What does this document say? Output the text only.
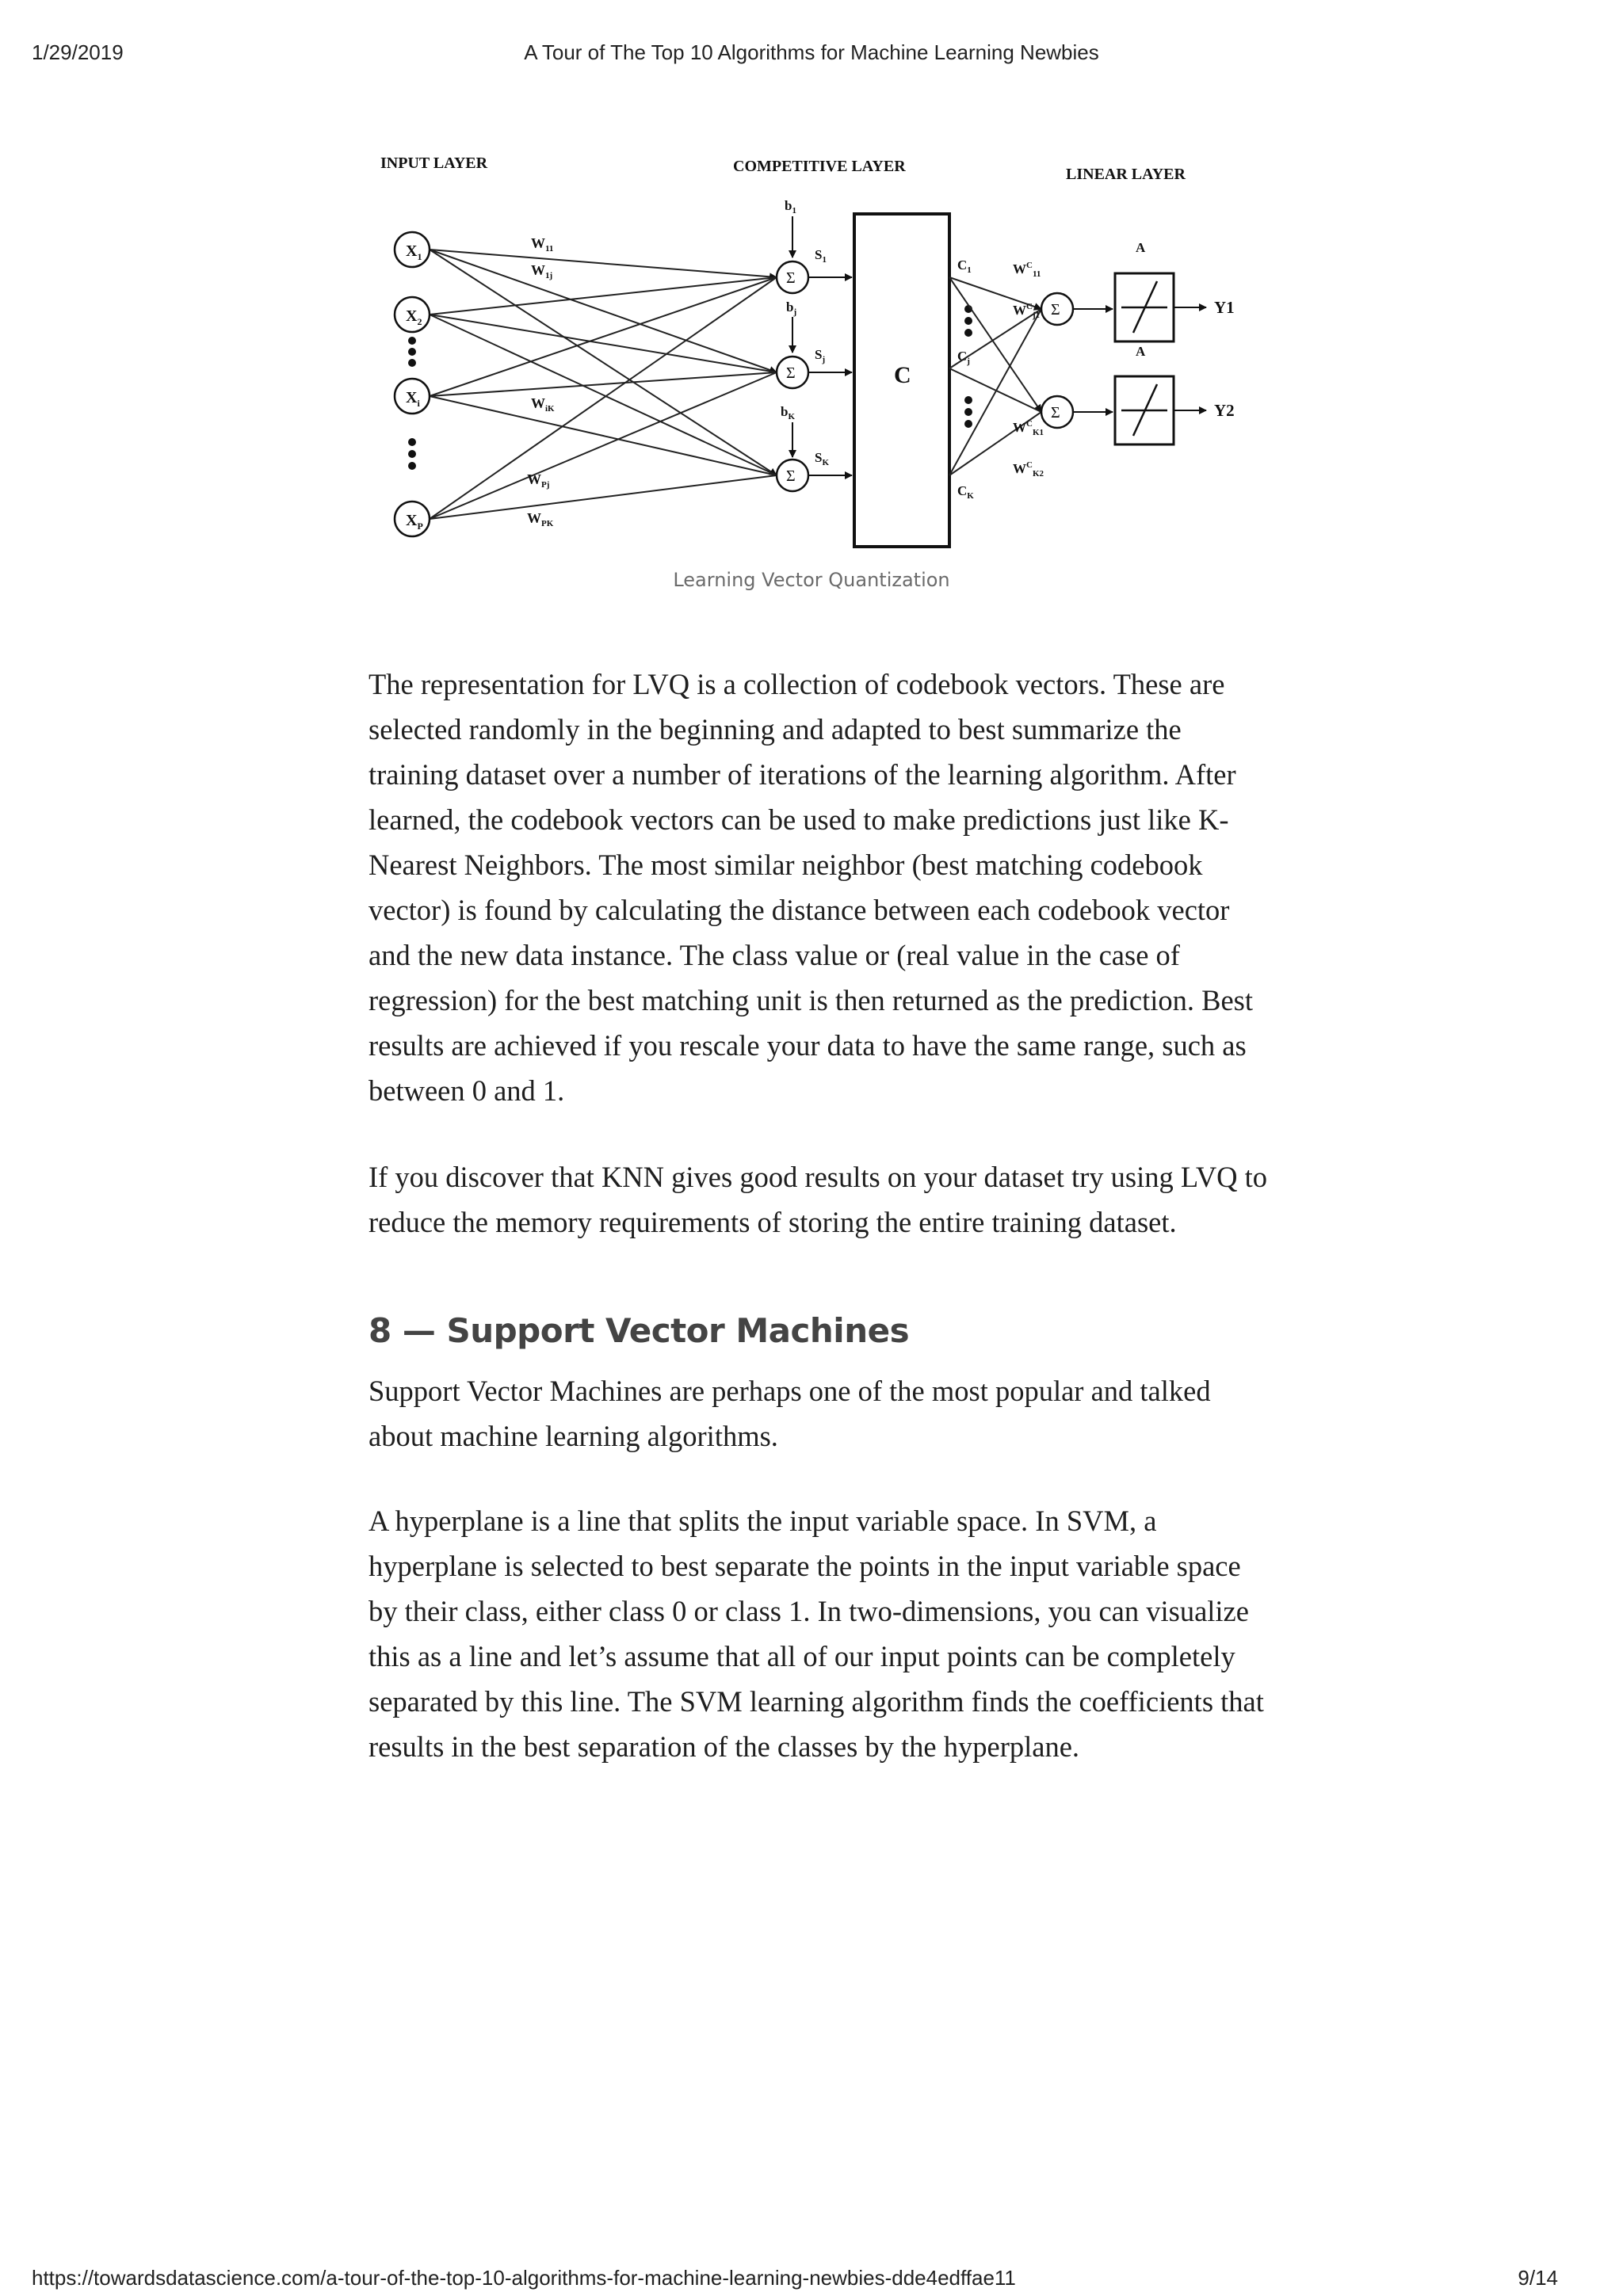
1/29/2019	A Tour of The Top 10 Algorithms for Machine Learning Newbies
INPUT LAYER	COMPETITIVE LAYER	LINEAR LAYER
$X_1$
$X_2$
$X_i$
$X_P$
$W_{11}$
$W_{1j}$
$W_{iK}$
$W_{Pj}$
$W_{PK}$
$b_1$
$b_j$
$b_K$
Σ
Σ
Σ
$S_1$
$S_j$
$S_K$
C
$C_1$
$C_j$
$C_K$
$W^C_{11}$
$W^C_{j1}$
$W^C_{K1}$
$W^C_{K2}$
Σ
Σ
A
A
Y1
Y2
Learning Vector Quantization

The representation for LVQ is a collection of codebook vectors. These are selected randomly in the beginning and adapted to best summarize the training dataset over a number of iterations of the learning algorithm. After learned, the codebook vectors can be used to make predictions just like K-Nearest Neighbors. The most similar neighbor (best matching codebook vector) is found by calculating the distance between each codebook vector and the new data instance. The class value or (real value in the case of regression) for the best matching unit is then returned as the prediction. Best results are achieved if you rescale your data to have the same range, such as between 0 and 1.

If you discover that KNN gives good results on your dataset try using LVQ to reduce the memory requirements of storing the entire training dataset.

8 — Support Vector Machines

Support Vector Machines are perhaps one of the most popular and talked about machine learning algorithms.

A hyperplane is a line that splits the input variable space. In SVM, a hyperplane is selected to best separate the points in the input variable space by their class, either class 0 or class 1. In two-dimensions, you can visualize this as a line and let’s assume that all of our input points can be completely separated by this line. The SVM learning algorithm finds the coefficients that results in the best separation of the classes by the hyperplane.

https://towardsdatascience.com/a-tour-of-the-top-10-algorithms-for-machine-learning-newbies-dde4edffae11	9/14
